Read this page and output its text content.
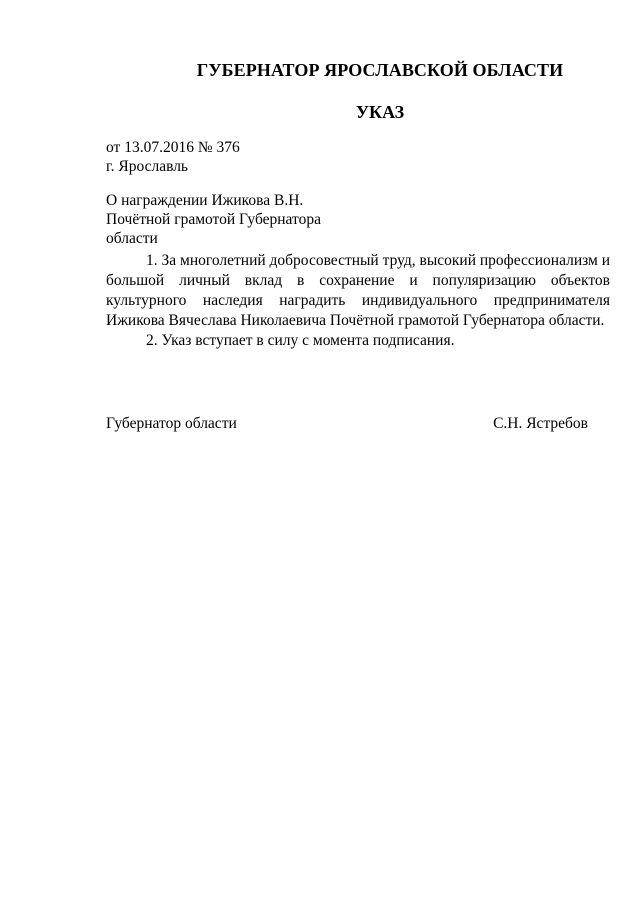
ГУБЕРНАТОР ЯРОСЛАВСКОЙ ОБЛАСТИ
УКАЗ
от 13.07.2016 № 376
г. Ярославль
О награждении Ижикова В.Н.
Почётной грамотой Губернатора
области

1. За многолетний добросовестный труд, высокий профессионализм и большой личный вклад в сохранение и популяризацию объектов культурного наследия наградить индивидуального предпринимателя Ижикова Вячеслава Николаевича Почётной грамотой Губернатора области.

2. Указ вступает в силу с момента подписания.

Губернатор области	С.Н. Ястребов
